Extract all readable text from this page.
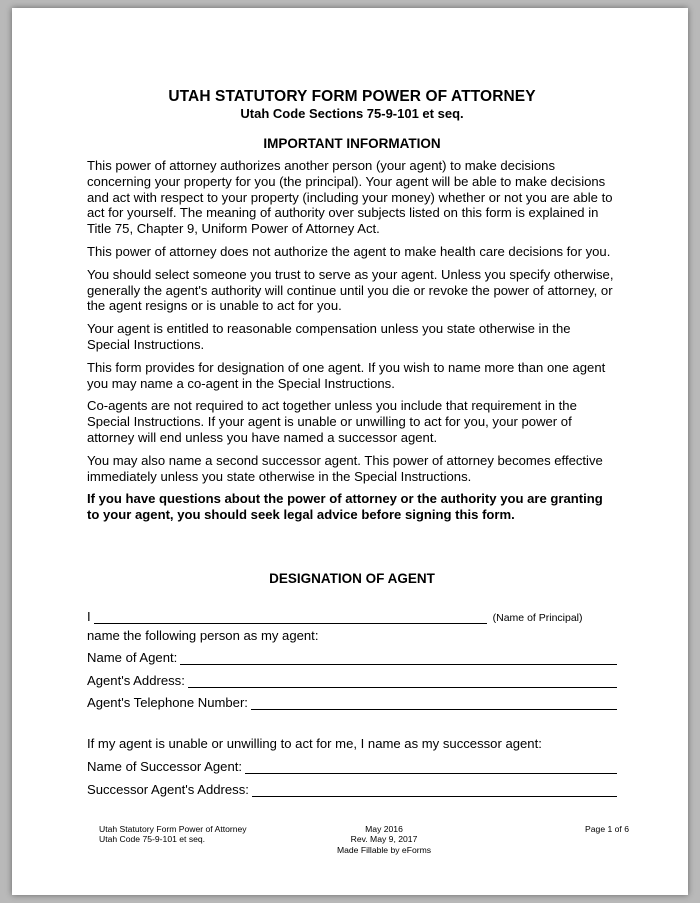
UTAH STATUTORY FORM POWER OF ATTORNEY
Utah Code Sections 75-9-101 et seq.
IMPORTANT INFORMATION

This power of attorney authorizes another person (your agent) to make decisions concerning your property for you (the principal). Your agent will be able to make decisions and act with respect to your property (including your money) whether or not you are able to act for yourself. The meaning of authority over subjects listed on this form is explained in Title 75, Chapter 9, Uniform Power of Attorney Act.

This power of attorney does not authorize the agent to make health care decisions for you.

You should select someone you trust to serve as your agent. Unless you specify otherwise, generally the agent's authority will continue until you die or revoke the power of attorney, or the agent resigns or is unable to act for you.

Your agent is entitled to reasonable compensation unless you state otherwise in the Special Instructions.

This form provides for designation of one agent. If you wish to name more than one agent you may name a co-agent in the Special Instructions.

Co-agents are not required to act together unless you include that requirement in the Special Instructions. If your agent is unable or unwilling to act for you, your power of attorney will end unless you have named a successor agent.

You may also name a second successor agent. This power of attorney becomes effective immediately unless you state otherwise in the Special Instructions.

If you have questions about the power of attorney or the authority you are granting to your agent, you should seek legal advice before signing this form.

DESIGNATION OF AGENT
I	(Name of Principal)
name the following person as my agent:
Name of Agent:
Agent's Address:
Agent's Telephone Number:
If my agent is unable or unwilling to act for me, I name as my successor agent:
Name of Successor Agent:
Successor Agent's Address:
Utah Statutory Form Power of Attorney
Utah Code 75-9-101 et seq.
May 2016
Rev. May 9, 2017
Made Fillable by eForms
Page 1 of 6
